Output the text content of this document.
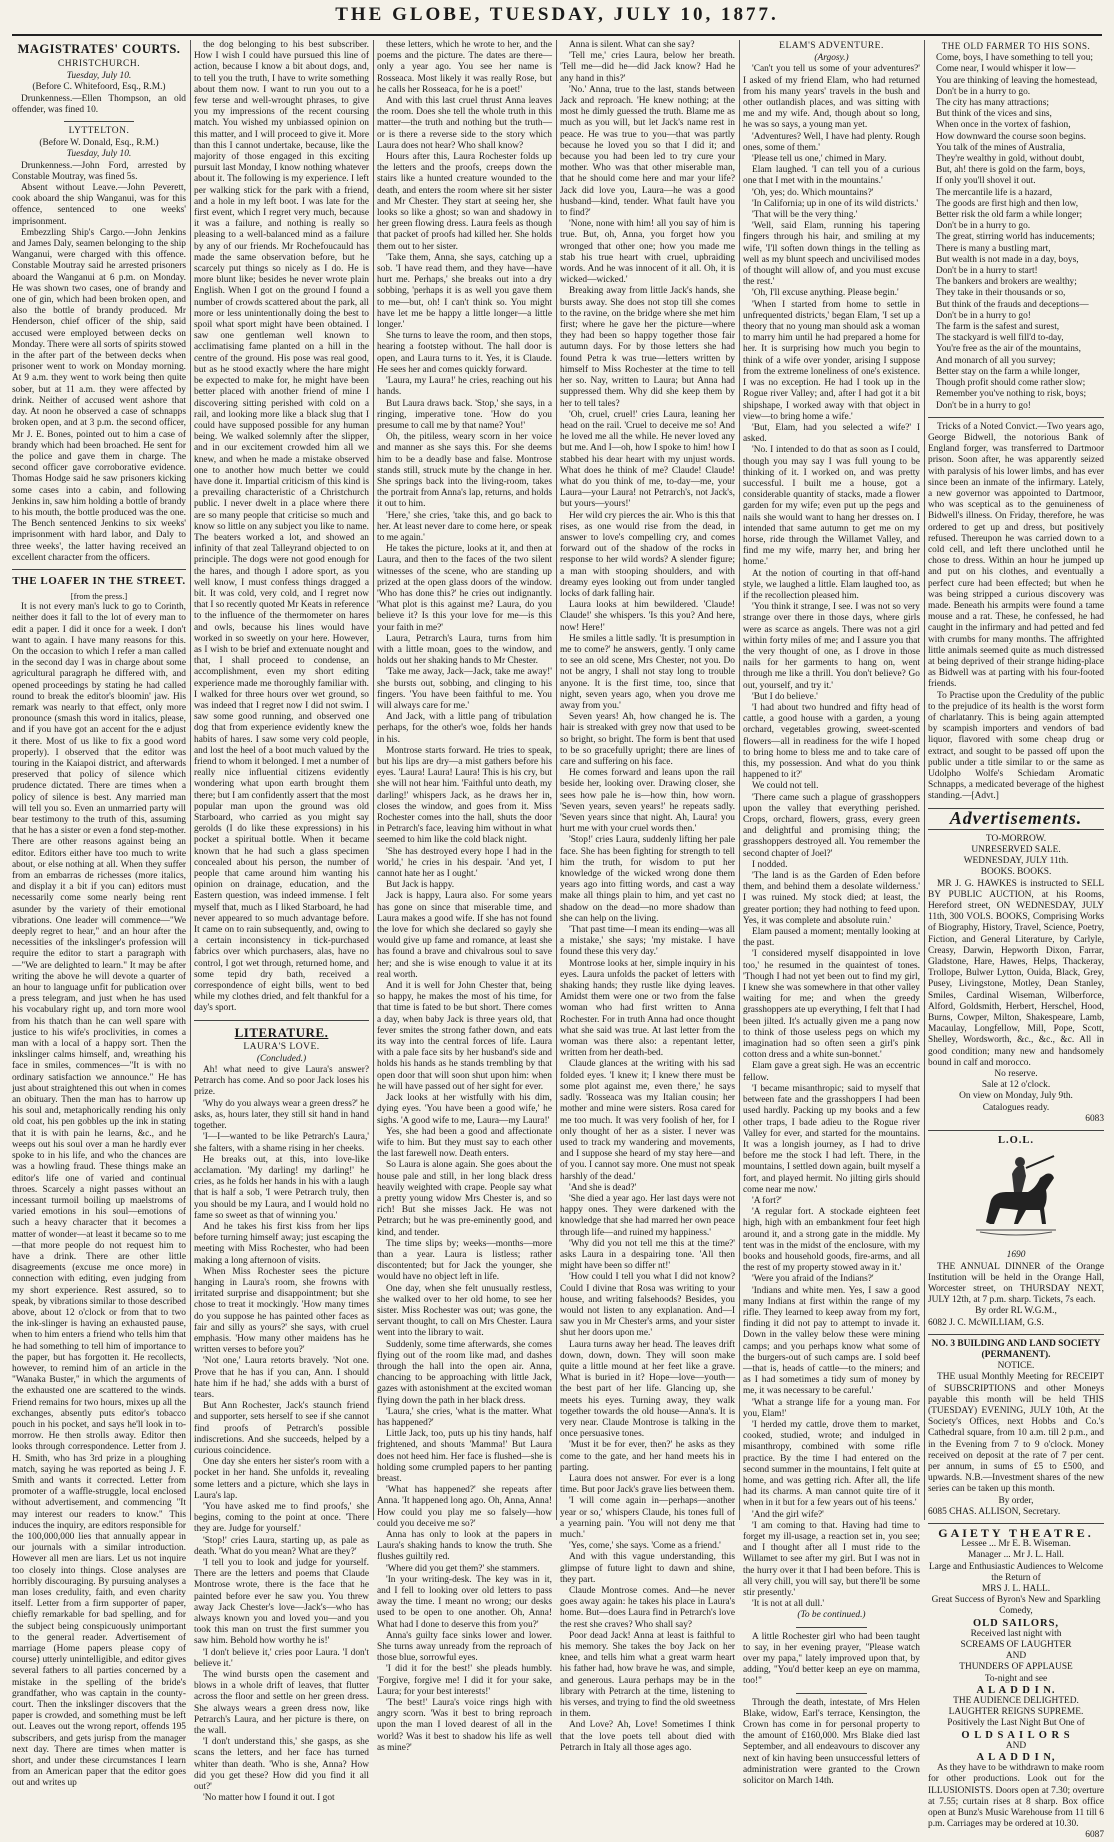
THE GLOBE, TUESDAY, JULY 10, 1877.
MAGISTRATES' COURTS.
CHRISTCHURCH.
Tuesday, July 10.
(Before C. Whitefoord, Esq., R.M.)
Drunkenness.—Ellen Thompson, an old offender, was fined 10.
LYTTELTON.
(Before W. Donald, Esq., R.M.)
Tuesday, July 10.
Drunkenness.—John Ford, arrested by Constable Moutray, was fined 5s.
Absent without Leave.—John Peverett, cook aboard the ship Wanganui, was for this offence, sentenced to one weeks' imprisonment.
Embezzling Ship's Cargo.—John Jenkins and James Daly, seamen belonging to the ship Wanganui, were charged with this offence. Constable Moutray said he arrested prisoners aboard the Wanganui at 6 p.m. on Monday. He was shown two cases, one of brandy and one of gin, which had been broken open, and also the bottle of brandy produced. Mr Henderson, chief officer of the ship, said accused were employed between decks on Monday. There were all sorts of spirits stowed in the after part of the between decks when prisoner went to work on Monday morning. At 9 a.m. they went to work being then quite sober, but at 11 a.m. they were affected by drink. Neither of accused went ashore that day. At noon he observed a case of schnapps broken open, and at 3 p.m. the second officer, Mr J. E. Bones, pointed out to him a case of brandy which had been broached. He sent for the police and gave them in charge. The second officer gave corroborative evidence. Thomas Hodge said he saw prisoners kicking some cases into a cabin, and following Jenkins in, saw him holding a bottle of brandy to his mouth, the bottle produced was the one. The Bench sentenced Jenkins to six weeks' imprisonment with hard labor, and Daly to three weeks', the latter having received an excellent character from the officers.
THE LOAFER IN THE STREET.
[from the press.]
It is not every man's luck to go to Corinth, neither does it fall to the lot of every man to edit a paper. I did it once for a week. I don't want to again. I have many reasons for this. On the occasion to which I refer a man called in the second day I was in charge about some agricultural paragraph he differed with, and opened proceedings by stating he had called round to break the editor's bloomin' jaw. His remark was nearly to that effect, only more pronounce (smash this word in italics, please, and if you have got an accent for the e adjust it there. Most of us like to fix a good word properly). I observed that the editor was touring in the Kaiapoi district, and afterwards preserved that policy of silence which prudence dictated. There are times when a policy of silence is best. Any married man will tell you so. Even an unmarried party will bear testimony to the truth of this, assuming that he has a sister or even a fond step-mother. There are other reasons against being an editor. Editors either have too much to write about, or else nothing at all. When they suffer from an embarras de richesses (more italics, and display it a bit if you can) editors must necessarily come some nearly being rent asunder by the variety of their emotional vibrations. One leader will commence—"We deeply regret to hear," and an hour after the necessities of the inkslinger's profession will require the editor to start a paragraph with—"We are delighted to learn." It may be after writing the above he will devote a quarter of an hour to language unfit for publication over a press telegram, and just when he has used his vocabulary right up, and torn more wool from his thatch than he can well spare with justice to his wife's proclivities, in comes a man with a local of a happy sort. Then the inkslinger calms himself, and, wreathing his face in smiles, commences—"It is with no ordinary satisfaction we announce." He has just about straightened this out when in comes an obituary. Then the man has to harrow up his soul and, metaphorically rending his only old coat, his pen gobbles up the ink in stating that it is with pain he learns, &c., and he weeps out his soul over a man he hardly ever spoke to in his life, and who the chances are was a howling fraud. These things make an editor's life one of varied and continual throes. Scarcely a night passes without an incessant turmoil boiling up maelstroms of varied emotions in his soul—emotions of such a heavy character that it becomes a matter of wonder—at least it became so to me—that more people do not request him to have a drink. There are other little disagreements (excuse me once more) in connection with editing, even judging from my short experience. Rest assured, so to speak, by vibrations similar to those described above, about 12 o'clock or from that to two the ink-slinger is having an exhausted pause, when to him enters a friend who tells him that he had something to tell him of importance to the paper, but has forgotten it. He recollects, however, to remind him of an article in the "Wanaka Buster," in which the arguments of the exhausted one are scattered to the winds. Friend remains for two hours, mixes up all the exchanges, absently puts editor's tobacco pouch in his pocket, and says he'll look in to-morrow. He then strolls away. Editor then looks through correspondence. Letter from J. H. Smith, who has 3rd prize in a ploughing match, saying he was reported as being J. F. Smith and wants it corrected. Letter from promoter of a waffle-struggle, local enclosed without advertisement, and commencing "It may interest our readers to know." This induces the inquiry, are editors responsible for the 100,000,000 lies that annually appear in our journals with a similar introduction. However all men are liars. Let us not inquire too closely into things. Close analyses are horribly discouraging. By pursuing analyses a man loses credulity, faith, and even charity itself. Letter from a firm supporter of paper, chiefly remarkable for bad spelling, and for the subject being conspicuously unimportant to the general reader. Advertisement of marriage (Home papers please copy of course) utterly unintelligible, and editor gives several fathers to all parties concerned by a mistake in the spelling of the bride's grandfather, who was captain in the county-court. Then the inkslinger discovers that the paper is crowded, and something must be left out. Leaves out the wrong report, offends 195 subscribers, and gets jurisp from the manager next day. There are times when matter is short, and under these circumstances I learn from an American paper that the editor goes out and writes up
the dog belonging to his best subscriber. How I wish I could have pursued this line of action, because I know a bit about dogs, and, to tell you the truth, I have to write something about them now. I want to run you out to a few terse and well-wrought phrases, to give you my impressions of the recent coursing match. You wished my unbiassed opinion on this matter, and I will proceed to give it. More than this I cannot undertake, because, like the majority of those engaged in this exciting pursuit last Monday, I know nothing whatever about it. The following is my experience. I left per walking stick for the park with a friend, and a hole in my left boot. I was late for the first event, which I regret very much, because it was a failure, and nothing is really so pleasing to a well-balanced mind as a failure by any of our friends. Mr Rochefoucauld has made the same observation before, but he scarcely put things so nicely as I do. He is more blunt like; besides he never wrote plain English. When I got on the ground I found a number of crowds scattered about the park, all more or less unintentionally doing the best to spoil what sport might have been obtained. I saw one gentleman well known to acclimatising fame planted on a hill in the centre of the ground. His pose was real good, but as he stood exactly where the hare might be expected to make for, he might have been better placed with another friend of mine I discovering sitting perished with cold on a rail, and looking more like a black slug that I could have supposed possible for any human being. We walked solemnly after the slipper, and in our excitement crowded him all we knew, and when he made a mistake observed one to another how much better we could have done it. Impartial criticism of this kind is a prevailing characteristic of a Christchurch public. I never dwelt in a place where there are so many people that criticise so much and know so little on any subject you like to name. The beaters worked a lot, and showed an infinity of that zeal Talleyrand objected to on principle. The dogs were not good enough for the hares, and though I adore sport, as you well know, I must confess things dragged a bit. It was cold, very cold, and I regret now that I so recently quoted Mr Keats in reference to the influence of the thermometer on hares and owls, because his lines would have worked in so sweetly on your here. However, as I wish to be brief and extenuate nought and that, I shall proceed to condense, an accomplishment, even my short editing experience made me thoroughly familiar with. I walked for three hours over wet ground, so was indeed that I regret now I did not swim. I saw some good running, and observed one dog that from experience evidently knew the habits of hares. I saw some very cold people, and lost the heel of a boot much valued by the friend to whom it belonged. I met a number of really nice influential citizens evidently wondering what upon earth brought them there; but I am confidently assert that the most popular man upon the ground was old Starboard, who carried as you might say gerolds (I do like these expressions) in his pocket a spiritual bottle. When it became known that he had such a glass specimen concealed about his person, the number of people that came around him wanting his opinion on drainage, education, and the Eastern question, was indeed immense. I felt myself that, much as I liked Starboard, he had never appeared to so much advantage before. It came on to rain subsequently, and, owing to a certain inconsistency in tick-purchased fabrics over which purchasers, alas, have no control, I got wet through, returned home, and some tepid dry bath, received a correspondence of eight bills, went to bed while my clothes dried, and felt thankful for a day's sport.
LITERATURE.
LAURA'S LOVE.
(Concluded.)
Ah! what need to give Laura's answer? Petrarch has come. And so poor Jack loses his prize.
'Why do you always wear a green dress?' he asks, as, hours later, they still sit hand in hand together.
'I—I—wanted to be like Petrarch's Laura,' she falters, with a shame rising in her cheeks.
He breaks out, at this, into love-like acclamation. 'My darling! my darling!' he cries, as he folds her hands in his with a laugh that is half a sob, 'I were Petrarch truly, then you should be my Laura, and I would hold no fame so sweet as that of winning you.'
And he takes his first kiss from her lips before turning himself away; just escaping the meeting with Miss Rochester, who had been making a long afternoon of visits.
When Miss Rochester sees the picture hanging in Laura's room, she frowns with irritated surprise and disappointment; but she chose to treat it mockingly. 'How many times do you suppose he has painted other faces as fair and silly as yours?' she says, with cruel emphasis. 'How many other maidens has he written verses to before you?'
'Not one,' Laura retorts bravely. 'Not one. Prove that he has if you can, Ann. I should hate him if he had,' she adds with a burst of tears.
But Ann Rochester, Jack's staunch friend and supporter, sets herself to see if she cannot find proofs of Petrarch's possible indiscretions. And she succeeds, helped by a curious coincidence.
One day she enters her sister's room with a pocket in her hand. She unfolds it, revealing some letters and a picture, which she lays in Laura's lap.
'You have asked me to find proofs,' she begins, coming to the point at once. 'There they are. Judge for yourself.'
'Stop!' cries Laura, starting up, as pale as death. 'What do you mean? What are they?'
'I tell you to look and judge for yourself. There are the letters and poems that Claude Montrose wrote, there is the face that he painted before ever he saw you. You threw away Jack Chester's love—Jack's—who has always known you and loved you—and you took this man on trust the first summer you saw him. Behold how worthy he is!'
'I don't believe it,' cries poor Laura. 'I don't believe it.'
The wind bursts open the casement and blows in a whole drift of leaves, that flutter across the floor and settle on her green dress. She always wears a green dress now, like Petrarch's Laura, and her picture is there, on the wall.
'I don't understand this,' she gasps, as she scans the letters, and her face has turned whiter than death. 'Who is she, Anna? How did you get these? How did you find it all out?'
'No matter how I found it out. I got
these letters, which he wrote to her, and the poems and the picture. The dates are there—only a year ago. You see her name is Rosseaca. Most likely it was really Rose, but he calls her Rosseaca, for he is a poet!'
And with this last cruel thrust Anna leaves the room. Does she tell the whole truth in this matter—the truth and nothing but the truth—or is there a reverse side to the story which Laura does not hear? Who shall know?
Hours after this, Laura Rochester folds up the letters and the proofs, creeps down the stairs like a hunted creature wounded to the death, and enters the room where sit her sister and Mr Chester. They start at seeing her, she looks so like a ghost; so wan and shadowy in her green flowing dress. Laura feels as though that packet of proofs had killed her. She holds them out to her sister.
'Take them, Anna, she says, catching up a sob. 'I have read them, and they have—have hurt me. Perhaps,' she breaks out into a dry sobbing, 'perhaps it is as well you gave them to me—but, oh! I can't think so. You might have let me be happy a little longer—a little longer.'
She turns to leave the room, and then stops, hearing a footstep without. The hall door is open, and Laura turns to it. Yes, it is Claude. He sees her and comes quickly forward.
'Laura, my Laura!' he cries, reaching out his hands.
But Laura draws back. 'Stop,' she says, in a ringing, imperative tone. 'How do you presume to call me by that name? You!'
Oh, the pitiless, weary scorn in her voice and manner as she says this. For she deems him to be a deadly base and false. Montrose stands still, struck mute by the change in her. She springs back into the living-room, takes the portrait from Anna's lap, returns, and holds it out to him.
'Here,' she cries, 'take this, and go back to her. At least never dare to come here, or speak to me again.'
He takes the picture, looks at it, and then at Laura, and then to the faces of the two silent witnesses of the scene, who are standing up prized at the open glass doors of the window. 'Who has done this?' he cries out indignantly. 'What plot is this against me? Laura, do you believe it? Is this your love for me—is this your faith in me?'
Laura, Petrarch's Laura, turns from him with a little moan, goes to the window, and holds out her shaking hands to Mr Chester.
'Take me away, Jack—Jack, take me away!' she bursts out, sobbing, and clinging to his fingers. 'You have been faithful to me. You will always care for me.'
And Jack, with a little pang of tribulation perhaps, for the other's woe, folds her hands in his.
Montrose starts forward. He tries to speak, but his lips are dry—a mist gathers before his eyes. 'Laura! Laura! Laura! This is his cry, but she will not hear him. 'Faithful unto death, my darling!' whispers Jack, as he draws her in, closes the window, and goes from it. Miss Rochester comes into the hall, shuts the door in Petrarch's face, leaving him without in what seemed to him like the cold black night.
'She has destroyed every hope I had in the world,' he cries in his despair. 'And yet, I cannot hate her as I ought.'
But Jack is happy.
Jack is happy, Laura also. For some years has gone on since that miserable time, and Laura makes a good wife. If she has not found the love for which she declared so gayly she would give up fame and romance, at least she has found a brave and chivalrous soul to save her; and she is wise enough to value it at its real worth.
And it is well for John Chester that, being so happy, he makes the most of his time, for that time is fated to be but short. There comes a day, when baby Jack is three years old, that fever smites the strong father down, and eats its way into the central forces of life. Laura with a pale face sits by her husband's side and holds his hands as he stands trembling by that open door that will soon shut upon him: when he will have passed out of her sight for ever.
Jack looks at her wistfully with his dim, dying eyes. 'You have been a good wife,' he sighs. 'A good wife to me, Laura—my Laura!'
Yes, she had been a good and affectionate wife to him. But they must say to each other the last farewell now. Death enters.
So Laura is alone again. She goes about the house pale and still, in her long black dress heavily weighted with crape. People say what a pretty young widow Mrs Chester is, and so rich! But she misses Jack. He was not Petrarch; but he was pre-eminently good, and kind, and tender.
The time slips by; weeks—months—more than a year. Laura is listless; rather discontented; but for Jack the younger, she would have no object left in life.
One day, when she felt unusually restless, she walked over to her old home, to see her sister. Miss Rochester was out; was gone, the servant thought, to call on Mrs Chester. Laura went into the library to wait.
Suddenly, some time afterwards, she comes flying out of the room like mad, and dashes through the hall into the open air. Anna, chancing to be approaching with little Jack, gazes with astonishment at the excited woman flying down the path in her black dress.
'Laura,' she cries, 'what is the matter. What has happened?'
Little Jack, too, puts up his tiny hands, half frightened, and shouts 'Mamma!' But Laura does not heed him. Her face is flushed—she is holding some crumpled papers to her panting breast.
'What has happened?' she repeats after Anna. 'It happened long ago. Oh, Anna, Anna! How could you play me so falsely—how could you deceive me so?'
Anna has only to look at the papers in Laura's shaking hands to know the truth. She flushes guiltily red.
'Where did you get them?' she stammers.
'In your writing-desk. The key was in it, and I fell to looking over old letters to pass away the time. I meant no wrong; our desks used to be open to one another. Oh, Anna! What had I done to deserve this from you?'
Anna's guilty face sinks lower and lower. She turns away unready from the reproach of those blue, sorrowful eyes.
'I did it for the best!' she pleads humbly. 'Forgive, forgive me! I did it for your sake, Laura; for your best interests!'
'The best!' Laura's voice rings high with angry scorn. 'Was it best to bring reproach upon the man I loved dearest of all in the world? Was it best to shadow his life as well as mine?'
Anna is silent. What can she say?
'Tell me,' cries Laura, below her breath. 'Tell me—did he—did Jack know? Had he any hand in this?'
'No.' Anna, true to the last, stands between Jack and reproach. 'He knew nothing; at the most he dimly guessed the truth. Blame me as much as you will, but let Jack's name rest in peace. He was true to you—that was partly because he loved you so that I did it; and because you had been led to try cure your mother. Who was that other miserable man, that he should come here and mar your life? Jack did love you, Laura—he was a good husband—kind, tender. What fault have you to find?'
'None, none with him! all you say of him is true. But, oh, Anna, you forget how you wronged that other one; how you made me stab his true heart with cruel, upbraiding words. And he was innocent of it all. Oh, it is wicked—wicked.'
Breaking away from little Jack's hands, she bursts away. She does not stop till she comes to the ravine, on the bridge where she met him first; where he gave her the picture—where they had been so happy together those fair autumn days. For by those letters she had found Petra k was true—letters written by himself to Miss Rochester at the time to tell her so. Nay, written to Laura; but Anna had suppressed them. Why did she keep them by her to tell tales?
'Oh, cruel, cruel!' cries Laura, leaning her head on the rail. 'Cruel to deceive me so! And he loved me all the while. He never loved any but me. And I—oh, how I spoke to him! how I stabbed his dear heart with my unjust words. What does he think of me? Claude! Claude! what do you think of me, to-day—me, your Laura—your Laura! not Petrarch's, not Jack's, but yours—yours!'
Her wild cry pierces the air. Who is this that rises, as one would rise from the dead, in answer to love's compelling cry, and comes forward out of the shadow of the rocks in response to her wild words? A slender figure; a man with stooping shoulders, and with dreamy eyes looking out from under tangled locks of dark falling hair.
Laura looks at him bewildered. 'Claude! Claude!' she whispers. 'Is this you? And here, now! Here!'
He smiles a little sadly. 'It is presumption in me to come?' he answers, gently. 'I only came to see an old scene, Mrs Chester, not you. Do not be angry, I shall not stay long to trouble anyone. It is the first time, too, since that night, seven years ago, when you drove me away from you.'
Seven years! Ah, how changed he is. The hair is streaked with grey now that used to be so bright, so bright. The form is bent that used to be so gracefully upright; there are lines of care and suffering on his face.
He comes forward and leans upon the rail beside her, looking over. Drawing closer, she sees how pale he is—how thin, how worn. 'Seven years, seven years!' he repeats sadly. 'Seven years since that night. Ah, Laura! you hurt me with your cruel words then.'
'Stop!' cries Laura, suddenly lifting her pale face. She has been fighting for strength to tell him the truth, for wisdom to put her knowledge of the wicked wrong done them years ago into fitting words, and cast a way make all things plain to him, and yet cast no shadow on the dead—no more shadow than she can help on the living.
'That past time—I mean its ending—was all a mistake,' she says; 'my mistake. I have found these this very day.'
Montrose looks at her, simple inquiry in his eyes. Laura unfolds the packet of letters with shaking hands; they rustle like dying leaves. Amidst them were one or two from the false woman who had first written to Anna Rochester. For in truth Anna had once thought what she said was true. At last letter from the woman was there also: a repentant letter, written from her death-bed.
Claude glances at the writing with his sad folded eyes. 'I knew it; I knew there must be some plot against me, even there,' he says sadly. 'Rosseaca was my Italian cousin; her mother and mine were sisters. Rosa cared for me too much. It was very foolish of her, for I only thought of her as a sister. I never was used to track my wandering and movements, and I suppose she heard of my stay here—and of you. I cannot say more. One must not speak harshly of the dead.'
'And she is dead?'
'She died a year ago. Her last days were not happy ones. They were darkened with the knowledge that she had marred her own peace through life—and ruined my happiness.'
'Why did you not tell me this at the time?' asks Laura in a despairing tone. 'All then might have been so differ nt!'
'How could I tell you what I did not know? Could I divine that Rosa was writing to your house, and writing falsehoods? Besides, you would not listen to any explanation. And—I saw you in Mr Chester's arms, and your sister shut her doors upon me.'
Laura turns away her head. The leaves drift down, down, down. They will soon make quite a little mound at her feet like a grave. What is buried in it? Hope—love—youth—the best part of her life. Glancing up, she meets his eyes. Turning away, they walk together towards the old house—Anna's. It is very near. Claude Montrose is talking in the once persuasive tones.
'Must it be for ever, then?' he asks as they come to the gate, and her hand meets his in parting.
Laura does not answer. For ever is a long time. But poor Jack's grave lies between them.
'I will come again in—perhaps—another year or so,' whispers Claude, his tones full of a yearning pain. 'You will not deny me that much.'
'Yes, come,' she says. 'Come as a friend.'
And with this vague understanding, this glimpse of future light to dawn and shine, they part.
Claude Montrose comes. And—he never goes away again: he takes his place in Laura's home. But—does Laura find in Petrarch's love the rest she craves? Who shall say?
Poor dead Jack! Anna at least is faithful to his memory. She takes the boy Jack on her knee, and tells him what a great warm heart his father had, how brave he was, and simple, and generous. Laura perhaps may be in the library with Petrarch at the time, listening to his verses, and trying to find the old sweetness in them.
And Love? Ah, Love! Sometimes I think that the love poets tell about died with Petrarch in Italy all those ages ago.
ELAM'S ADVENTURE.
(Argosy.)
'Can't you tell us some of your adventures?' I asked of my friend Elam, who had returned from his many years' travels in the bush and other outlandish places, and was sitting with me and my wife. And, though about so long, he was so says, a young man yet.
'Adventures? Well, I have had plenty. Rough ones, some of them.'
'Please tell us one,' chimed in Mary.
Elam laughed. 'I can tell you of a curious one that I met with in the mountains.'
'Oh, yes; do. Which mountains?'
'In California; up in one of its wild districts.'
'That will be the very thing.'
'Well, said Elam, running his tapering fingers through his hair, and smiling at my wife, 'I'll soften down things in the telling as well as my blunt speech and uncivilised modes of thought will allow of, and you must excuse the rest.'
'Oh, I'll excuse anything. Please begin.'
'When I started from home to settle in unfrequented districts,' began Elam, 'I set up a theory that no young man should ask a woman to marry him until he had prepared a home for her. It is surprising how much you begin to think of a wife over yonder, arising I suppose from the extreme loneliness of one's existence. I was no exception. He had I took up in the Rogue river Valley; and, after I had got it a bit shipshape, I worked away with that object in view—to bring home a wife.'
'But, Elam, had you selected a wife?' I asked.
'No. I intended to do that as soon as I could, though you may say I was full young to be thinking of it. I worked on, and was pretty successful. I built me a house, got a considerable quantity of stacks, made a flower garden for my wife; even put up the pegs and nails she would want to hang her dresses on. I intended that same autumn to get me on my horse, ride through the Willamet Valley, and find me my wife, marry her, and bring her home.'
At the notion of courting in that off-hand style, we laughed a little. Elam laughed too, as if the recollection pleased him.
'You think it strange, I see. I was not so very strange over there in those days, where girls were as scarce as angels. There was not a girl within forty miles of me; and I assure you that the very thought of one, as I drove in those nails for her garments to hang on, went through me like a thrill. You don't believe? Go out, yourself, and try it.'
'But I do believe.'
'I had about two hundred and fifty head of cattle, a good house with a garden, a young orchard, vegetables growing, sweet-scented flowers—all in readiness for the wife I hoped to bring home to bless me and to take care of this, my possession. And what do you think happened to it?'
We could not tell.
'There came such a plague of grasshoppers upon the valley that everything perished. Crops, orchard, flowers, grass, every green and delightful and promising thing; the grasshoppers destroyed all. You remember the second chapter of Joel?'
I nodded.
'The land is as the Garden of Eden before them, and behind them a desolate wilderness.' I was ruined. My stock died; at least, the greater portion; they had nothing to feed upon. Yes, it was complete and absolute ruin.'
Elam paused a moment; mentally looking at the past.
'I considered myself disappointed in love too,' he resumed in the quaintest of tones. 'Though I had not yet been out to find my girl, I knew she was somewhere in that other valley waiting for me; and when the greedy grasshoppers ate up everything, I felt that I had been jilted. It's actually given me a pang now to think of those useless pegs on which my imagination had so often seen a girl's pink cotton dress and a white sun-bonnet.'
Elam gave a great sigh. He was an eccentric fellow.
'I became misanthropic; said to myself that between fate and the grasshoppers I had been used hardly. Packing up my books and a few other traps, I bade adieu to the Rogue river Valley for ever, and started for the mountains. It was a longish journey, as I had to drive before me the stock I had left. There, in the mountains, I settled down again, built myself a fort, and played hermit. No jilting girls should come near me now.'
'A fort?'
'A regular fort. A stockade eighteen feet high, high with an embankment four feet high around it, and a strong gate in the middle. My tent was in the midst of the enclosure, with my books and household goods, fire-arms, and all the rest of my property stowed away in it.'
'Were you afraid of the Indians?'
'Indians and white men. Yes, I saw a good many Indians at first within the range of my rifle. They learned to keep away from my fort, finding it did not pay to attempt to invade it. Down in the valley below these were mining camps; and you perhaps know what some of the burgers-out of such camps are. I sold beef—that is, heads of cattle—to the miners; and as I had sometimes a tidy sum of money by me, it was necessary to be careful.'
'What a strange life for a young man. For you, Elam!'
'I herded my cattle, drove them to market, cooked, studied, wrote; and indulged in misanthropy, combined with some rifle practice. By the time I had entered on the second summer in the mountains, I felt quite at home, and was getting rich. After all, the life had its charms. A man cannot quite tire of it when in it but for a few years out of his teens.'
'And the girl wife?'
'I am coming to that. Having had time to forget my ill-usage, a reaction set in, you see; and I thought after all I must ride to the Willamet to see after my girl. But I was not in the hurry over it that I had been before. This is all very chill, you will say, but there'll be some stir presently.'
'It is not at all dull.'
(To be continued.)
A little Rochester girl who had been taught to say, in her evening prayer, "Please watch over my papa," lately improved upon that, by adding, "You'd better keep an eye on mamma, too!"
Through the death, intestate, of Mrs Helen Blake, widow, Earl's terrace, Kensington, the Crown has come in for personal property to the amount of £160,000. Mrs Blake died last September, and all endeavours to discover any next of kin having been unsuccessful letters of administration were granted to the Crown solicitor on March 14th.
THE OLD FARMER TO HIS SONS.
Come, boys, I have something to tell you;
Come near, I would whisper it low—
You are thinking of leaving the homestead,
Don't be in a hurry to go.
The city has many attractions;
But think of the vices and sins,
When once in the vortex of fashion,
How downward the course soon begins.
You talk of the mines of Australia,
They're wealthy in gold, without doubt,
But, ah! there is gold on the farm, boys,
If only you'll shovel it out.
The mercantile life is a hazard,
The goods are first high and then low,
Better risk the old farm a while longer;
Don't be in a hurry to go.
The great, stirring world has inducements;
There is many a bustling mart,
But wealth is not made in a day, boys,
Don't be in a hurry to start!
The bankers and brokers are wealthy;
They take in their thousands or so,
But think of the frauds and deceptions—
Don't be in a hurry to go!
The farm is the safest and surest,
The stackyard is well fill'd to-day,
You're free as the air of the mountains,
And monarch of all you survey;
Better stay on the farm a while longer,
Though profit should come rather slow;
Remember you've nothing to risk, boys;
Don't be in a hurry to go!
Tricks of a Noted Convict.—Two years ago, George Bidwell, the notorious Bank of England forger, was transferred to Dartmoor prison. Soon after, he was apparently seized with paralysis of his lower limbs, and has ever since been an inmate of the infirmary. Lately, a new governor was appointed to Dartmoor, who was sceptical as to the genuineness of Bidwell's illness. On Friday, therefore, he was ordered to get up and dress, but positively refused. Thereupon he was carried down to a cold cell, and left there unclothed until he chose to dress. Within an hour he jumped up and put on his clothes, and eventually a perfect cure had been effected; but when he was being stripped a curious discovery was made. Beneath his armpits were found a tame mouse and a rat. These, he confessed, he had caught in the infirmary and had petted and fed with crumbs for many months. The affrighted little animals seemed quite as much distressed at being deprived of their strange hiding-place as Bidwell was at parting with his four-footed friends.
To Practise upon the Credulity of the public to the prejudice of its health is the worst form of charlatanry. This is being again attempted by scampish importers and vendors of bad liquor, flavored with some cheap drug or extract, and sought to be passed off upon the public under a title similar to or the same as Udolpho Wolfe's Schiedam Aromatic Schnapps, a medicated beverage of the highest standing.—[Advt.]
Advertisements.
TO-MORROW.
UNRESERVED SALE.
WEDNESDAY, JULY 11th.
BOOKS. BOOKS.
MR J. G. HAWKES is instructed to SELL BY PUBLIC AUCTION, at his Rooms, Hereford street, ON WEDNESDAY, JULY 11th, 300 VOLS. BOOKS, Comprising Works of Biography, History, Travel, Science, Poetry, Fiction, and General Literature, by Carlyle, Creasy, Darwin, Hepworth Dixon, Farrar, Gladstone, Hare, Hawes, Helps, Thackeray, Trollope, Bulwer Lytton, Ouida, Black, Grey, Pusey, Livingstone, Motley, Dean Stanley, Smiles, Cardinal Wiseman, Wilberforce, Alford, Goldsmith, Herbert, Herschel, Hood, Burns, Cowper, Milton, Shakespeare, Lamb, Macaulay, Longfellow, Mill, Pope, Scott, Shelley, Wordsworth, &c., &c., &c. All in good condition; many new and handsomely bound in calf and morocco.
No reserve.
Sale at 12 o'clock.
On view on Monday, July 9th.
Catalogues ready.
6083
L.O.L.
1690
THE ANNUAL DINNER of the Orange Institution will be held in the Orange Hall, Worcester street, on THURSDAY NEXT, JULY 12th, at 7 p.m. sharp. Tickets, 7s each.
By order RL W.G.M.,
6082 J. C. McWILLIAM, G.S.
NO. 3 BUILDING AND LAND SOCIETY (PERMANENT).
NOTICE.
THE usual Monthly Meeting for RECEIPT of SUBSCRIPTIONS and other Moneys payable this month will be held THIS (TUESDAY) EVENING, JULY 10th, At the Society's Offices, next Hobbs and Co.'s Cathedral square, from 10 a.m. till 2 p.m., and in the Evening from 7 to 9 o'clock. Money received on deposit at the rate of 7 per cent. per annum, in sums of £5 to £500, and upwards. N.B.—Investment shares of the new series can be taken up this month.
By order,
6085 CHAS. ALLISON, Secretary.
GAIETY THEATRE.
Lessee ... Mr E. B. Wiseman.
Manager ... Mr J. L. Hall.
Large and Enthusiastic Audiences to Welcome the Return of
MRS J. L. HALL.
Great Success of Byron's New and Sparkling Comedy,
OLD SAILORS,
Received last night with
SCREAMS OF LAUGHTER
AND
THUNDERS OF APPLAUSE
To-night and see
A L A D D I N.
THE AUDIENCE DELIGHTED.
LAUGHTER REIGNS SUPREME.
Positively the Last Night But One of
O L D S A I L O R S
AND
A L A D D I N,
As they have to be withdrawn to make room for other productions. Look out for the ILLUSIONISTS. Doors open at 7.30; overture at 7.55; curtain rises at 8 sharp. Box office open at Bunz's Music Warehouse from 11 till 6 p.m. Carriages may be ordered at 10.30.
6087
